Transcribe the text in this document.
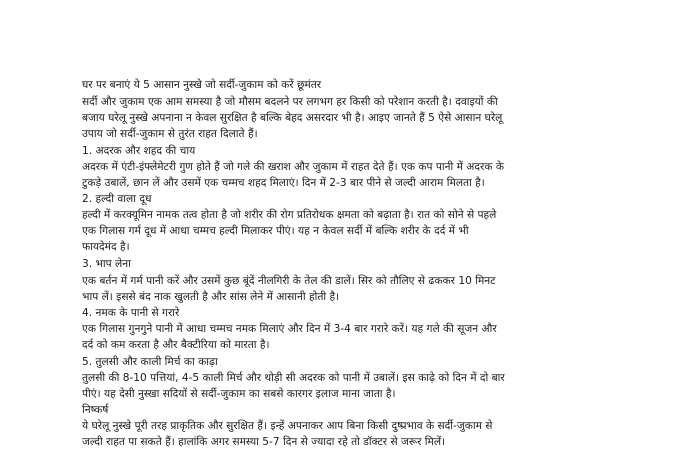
घर पर बनाएं ये 5 आसान नुस्खे जो सर्दी-जुकाम को करें छूमंतर
सर्दी और जुकाम एक आम समस्या है जो मौसम बदलने पर लगभग हर किसी को परेशान करती है। दवाइयों की
बजाय घरेलू नुस्खे अपनाना न केवल सुरक्षित है बल्कि बेहद असरदार भी है। आइए जानते हैं 5 ऐसे आसान घरेलू
उपाय जो सर्दी-जुकाम से तुरंत राहत दिलाते हैं।
1. अदरक और शहद की चाय
अदरक में एंटी-इंफ्लेमेटरी गुण होते हैं जो गले की खराश और जुकाम में राहत देते हैं। एक कप पानी में अदरक के
टुकड़े उबालें, छान लें और उसमें एक चम्मच शहद मिलाएं। दिन में 2-3 बार पीने से जल्दी आराम मिलता है।
2. हल्दी वाला दूध
हल्दी में करक्यूमिन नामक तत्व होता है जो शरीर की रोग प्रतिरोधक क्षमता को बढ़ाता है। रात को सोने से पहले
एक गिलास गर्म दूध में आधा चम्मच हल्दी मिलाकर पीएं। यह न केवल सर्दी में बल्कि शरीर के दर्द में भी
फायदेमंद है।
3. भाप लेना
एक बर्तन में गर्म पानी करें और उसमें कुछ बूंदें नीलगिरी के तेल की डालें। सिर को तौलिए से ढककर 10 मिनट
भाप लें। इससे बंद नाक खुलती है और सांस लेने में आसानी होती है।
4. नमक के पानी से गरारे
एक गिलास गुनगुने पानी में आधा चम्मच नमक मिलाएं और दिन में 3-4 बार गरारे करें। यह गले की सूजन और
दर्द को कम करता है और बैक्टीरिया को मारता है।
5. तुलसी और काली मिर्च का काढ़ा
तुलसी की 8-10 पत्तियां, 4-5 काली मिर्च और थोड़ी सी अदरक को पानी में उबालें। इस काढ़े को दिन में दो बार
पीएं। यह देसी नुस्खा सदियों से सर्दी-जुकाम का सबसे कारगर इलाज माना जाता है।
निष्कर्ष
ये घरेलू नुस्खे पूरी तरह प्राकृतिक और सुरक्षित हैं। इन्हें अपनाकर आप बिना किसी दुष्प्रभाव के सर्दी-जुकाम से
जल्दी राहत पा सकते हैं। हालांकि अगर समस्या 5-7 दिन से ज्यादा रहे तो डॉक्टर से जरूर मिलें।
